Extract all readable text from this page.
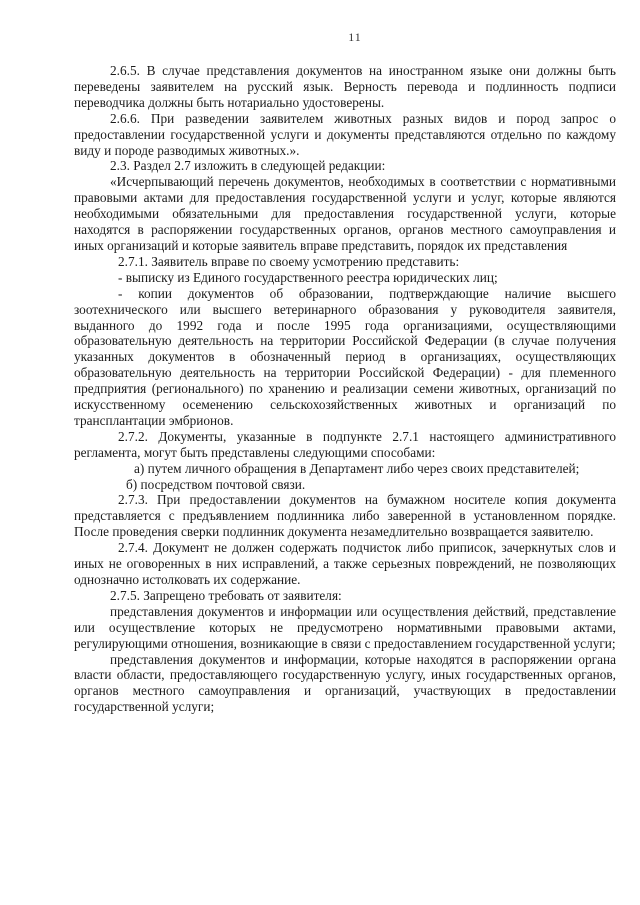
11

2.6.5. В случае представления документов на иностранном языке они должны быть переведены заявителем на русский язык. Верность перевода и подлинность подписи переводчика должны быть нотариально удостоверены.

2.6.6. При разведении заявителем животных разных видов и пород запрос о предоставлении государственной услуги и документы представляются отдельно по каждому виду и породе разводимых животных.».

2.3. Раздел 2.7 изложить в следующей редакции:

«Исчерпывающий перечень документов, необходимых в соответствии с нормативными правовыми актами для предоставления государственной услуги и услуг, которые являются необходимыми обязательными для предоставления государственной услуги, которые находятся в распоряжении государственных органов, органов местного самоуправления и иных организаций и которые заявитель вправе представить, порядок их представления

2.7.1. Заявитель вправе по своему усмотрению представить:

- выписку из Единого государственного реестра юридических лиц;

- копии документов об образовании, подтверждающие наличие высшего зоотехнического или высшего ветеринарного образования у руководителя заявителя, выданного до 1992 года и после 1995 года организациями, осуществляющими образовательную деятельность на территории Российской Федерации (в случае получения указанных документов в обозначенный период в организациях, осуществляющих образовательную деятельность на территории Российской Федерации) - для племенного предприятия (регионального) по хранению и реализации семени животных, организаций по искусственному осеменению сельскохозяйственных животных и организаций по трансплантации эмбрионов.

2.7.2. Документы, указанные в подпункте 2.7.1 настоящего административного регламента, могут быть представлены следующими способами:

а) путем личного обращения в Департамент либо через своих представителей;

б) посредством почтовой связи.

2.7.3. При предоставлении документов на бумажном носителе копия документа представляется с предъявлением подлинника либо заверенной в установленном порядке. После проведения сверки подлинник документа незамедлительно возвращается заявителю.

2.7.4. Документ не должен содержать подчисток либо приписок, зачеркнутых слов и иных не оговоренных в них исправлений, а также серьезных повреждений, не позволяющих однозначно истолковать их содержание.

2.7.5. Запрещено требовать от заявителя:

представления документов и информации или осуществления действий, представление или осуществление которых не предусмотрено нормативными правовыми актами, регулирующими отношения, возникающие в связи с предоставлением государственной услуги;

представления документов и информации, которые находятся в распоряжении органа власти области, предоставляющего государственную услугу, иных государственных органов, органов местного самоуправления и организаций, участвующих в предоставлении государственной услуги;
